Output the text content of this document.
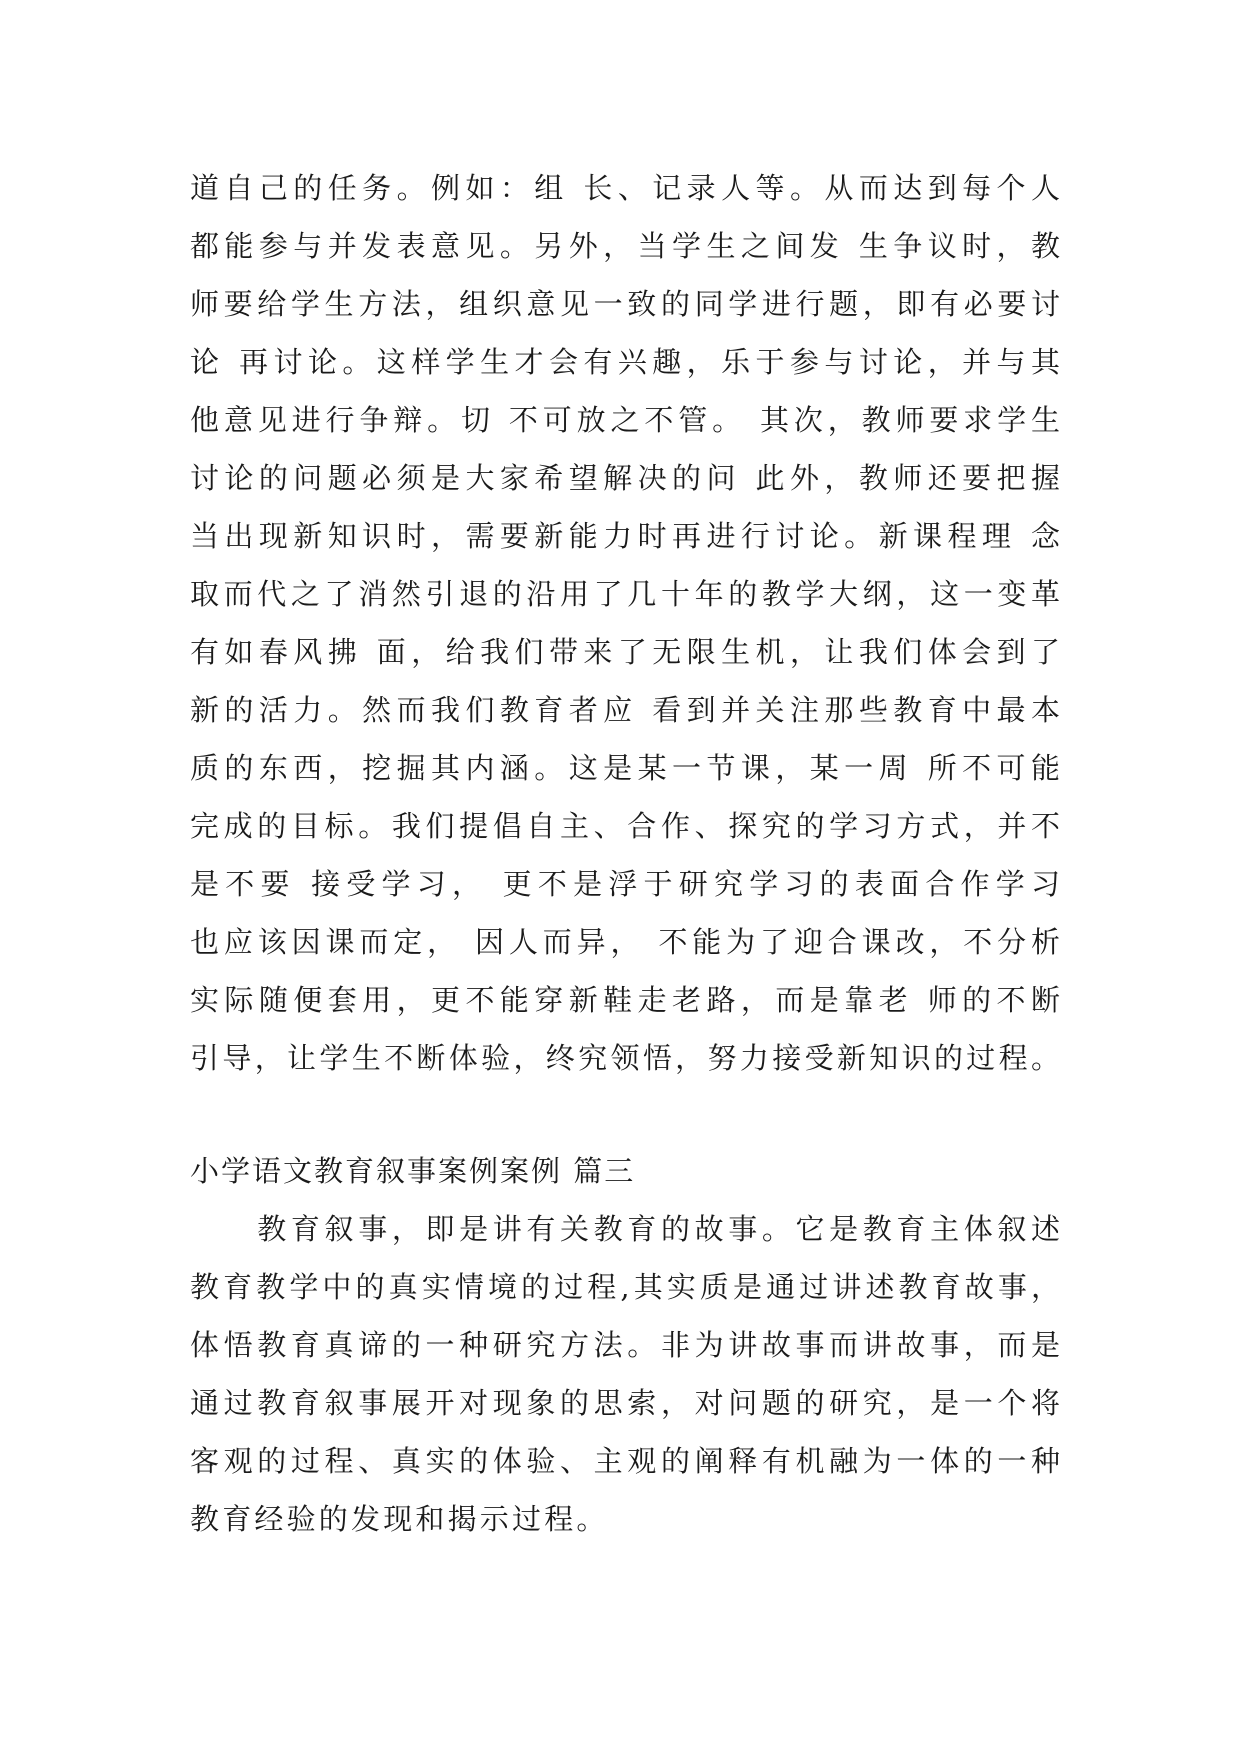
道自己的任务。例如：组 长、记录人等。从而达到每个人
都能参与并发表意见。另外，当学生之间发 生争议时，教
师要给学生方法，组织意见一致的同学进行题，即有必要讨
论 再讨论。这样学生才会有兴趣，乐于参与讨论，并与其
他意见进行争辩。切 不可放之不管。 其次，教师要求学生
讨论的问题必须是大家希望解决的问 此外，教师还要把握
当出现新知识时，需要新能力时再进行讨论。新课程理 念
取而代之了消然引退的沿用了几十年的教学大纲，这一变革
有如春风拂 面，给我们带来了无限生机，让我们体会到了
新的活力。然而我们教育者应 看到并关注那些教育中最本
质的东西，挖掘其内涵。这是某一节课，某一周 所不可能
完成的目标。我们提倡自主、合作、探究的学习方式，并不
是不要 接受学习， 更不是浮于研究学习的表面合作学习
也应该因课而定， 因人而异， 不能为了迎合课改，不分析
实际随便套用，更不能穿新鞋走老路，而是靠老 师的不断
引导，让学生不断体验，终究领悟，努力接受新知识的过程。
小学语文教育叙事案例案例 篇三
　　教育叙事，即是讲有关教育的故事。它是教育主体叙述
教育教学中的真实情境的过程,其实质是通过讲述教育故事，
体悟教育真谛的一种研究方法。非为讲故事而讲故事，而是
通过教育叙事展开对现象的思索，对问题的研究，是一个将
客观的过程、真实的体验、主观的阐释有机融为一体的一种
教育经验的发现和揭示过程。
